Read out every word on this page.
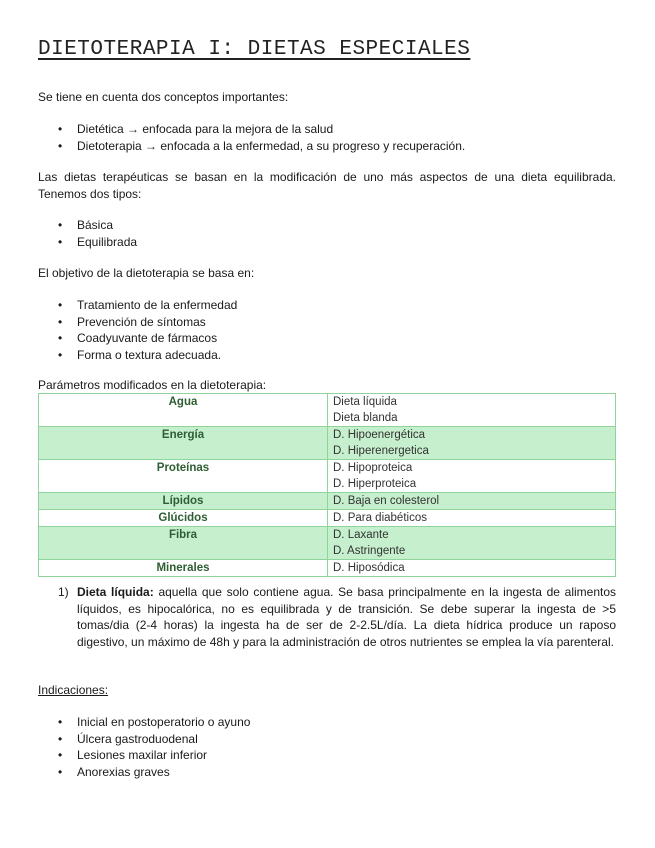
DIETOTERAPIA I: DIETAS ESPECIALES

Se tiene en cuenta dos conceptos importantes:

• Dietética → enfocada para la mejora de la salud
• Dietoterapia → enfocada a la enfermedad, a su progreso y recuperación.

Las dietas terapéuticas se basan en la modificación de uno más aspectos de una dieta equilibrada. Tenemos dos tipos:

• Básica
• Equilibrada

El objetivo de la dietoterapia se basa en:

• Tratamiento de la enfermedad
• Prevención de síntomas
• Coadyuvante de fármacos
• Forma o textura adecuada.

Parámetros modificados en la dietoterapia:

Agua	Dieta líquida
Dieta blanda

Energía	D. Hipoenergética
D. Hiperenergetica

Proteínas	D. Hipoproteica
D. Hiperproteica

Lípidos	D. Baja en colesterol

Glúcidos	D. Para diabéticos

Fibra	D. Laxante
D. Astringente

Minerales	D. Hiposódica
1) Dieta líquida: aquella que solo contiene agua. Se basa principalmente en la ingesta de alimentos líquidos, es hipocalórica, no es equilibrada y de transición. Se debe superar la ingesta de >5 tomas/dia (2-4 horas) la ingesta ha de ser de 2-2.5L/día. La dieta hídrica produce un raposo digestivo, un máximo de 48h y para la administración de otros nutrientes se emplea la vía parenteral.

Indicaciones:

• Inicial en postoperatorio o ayuno
• Úlcera gastroduodenal
• Lesiones maxilar inferior
• Anorexias graves
